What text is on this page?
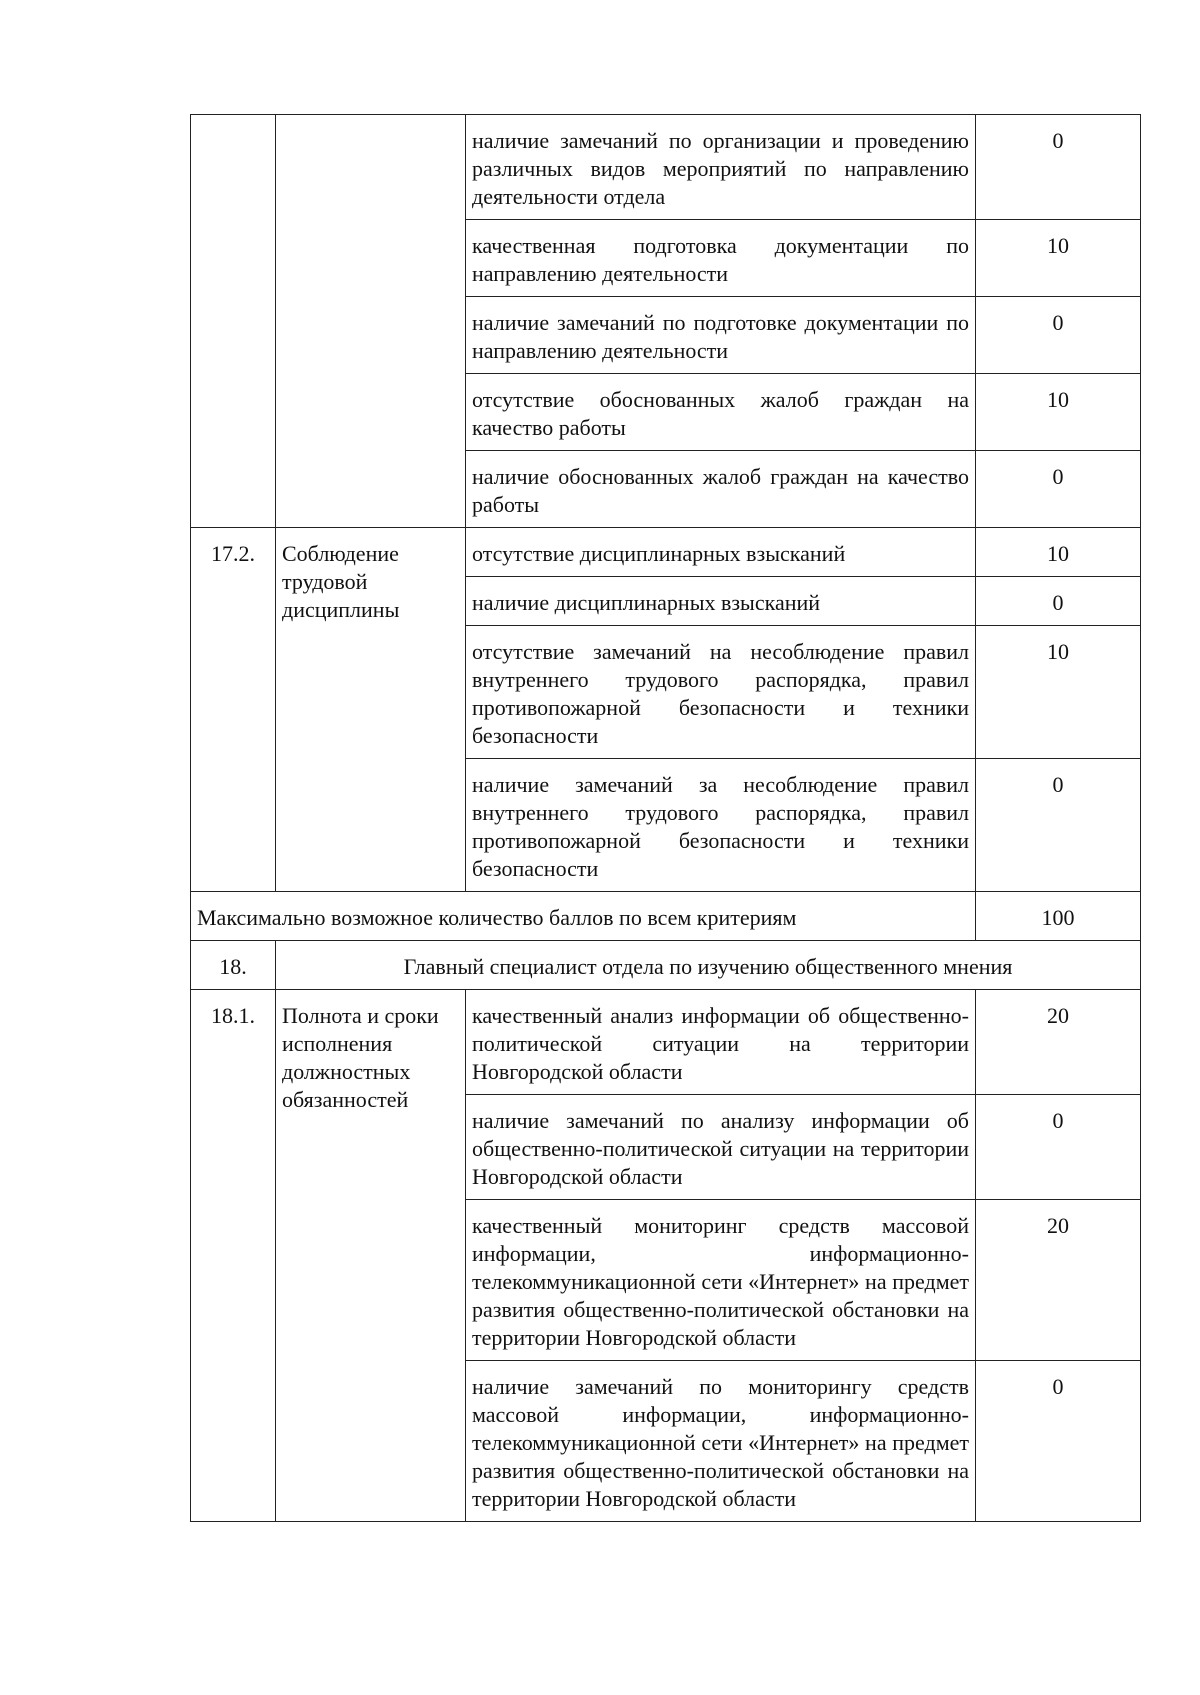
		наличие замечаний по организации и проведению различных видов мероприятий по направлению деятельности отдела	0
		качественная подготовка документации по направлению деятельности	10
		наличие замечаний по подготовке документации по направлению деятельности	0
		отсутствие обоснованных жалоб граждан на качество работы	10
		наличие обоснованных жалоб граждан на качество работы	0
17.2.	Соблюдение трудовой дисциплины	отсутствие дисциплинарных взысканий	10
		наличие дисциплинарных взысканий	0
		отсутствие замечаний на несоблюдение правил внутреннего трудового распорядка, правил противопожарной безопасности и техники безопасности	10
		наличие замечаний за несоблюдение правил внутреннего трудового распорядка, правил противопожарной безопасности и техники безопасности	0
Максимально возможное количество баллов по всем критериям			100
18.	Главный специалист отдела по изучению общественного мнения		
18.1.	Полнота и сроки исполнения должностных обязанностей	качественный анализ информации об общественно-политической ситуации на территории Новгородской области	20
		наличие замечаний по анализу информации об общественно-политической ситуации на территории Новгородской области	0
		качественный мониторинг средств массовой информации, информационно-телекоммуникационной сети «Интернет» на предмет развития общественно-политической обстановки на территории Новгородской области	20
		наличие замечаний по мониторингу средств массовой информации, информационно-телекоммуникационной сети «Интернет» на предмет развития общественно-политической обстановки на территории Новгородской области	0
